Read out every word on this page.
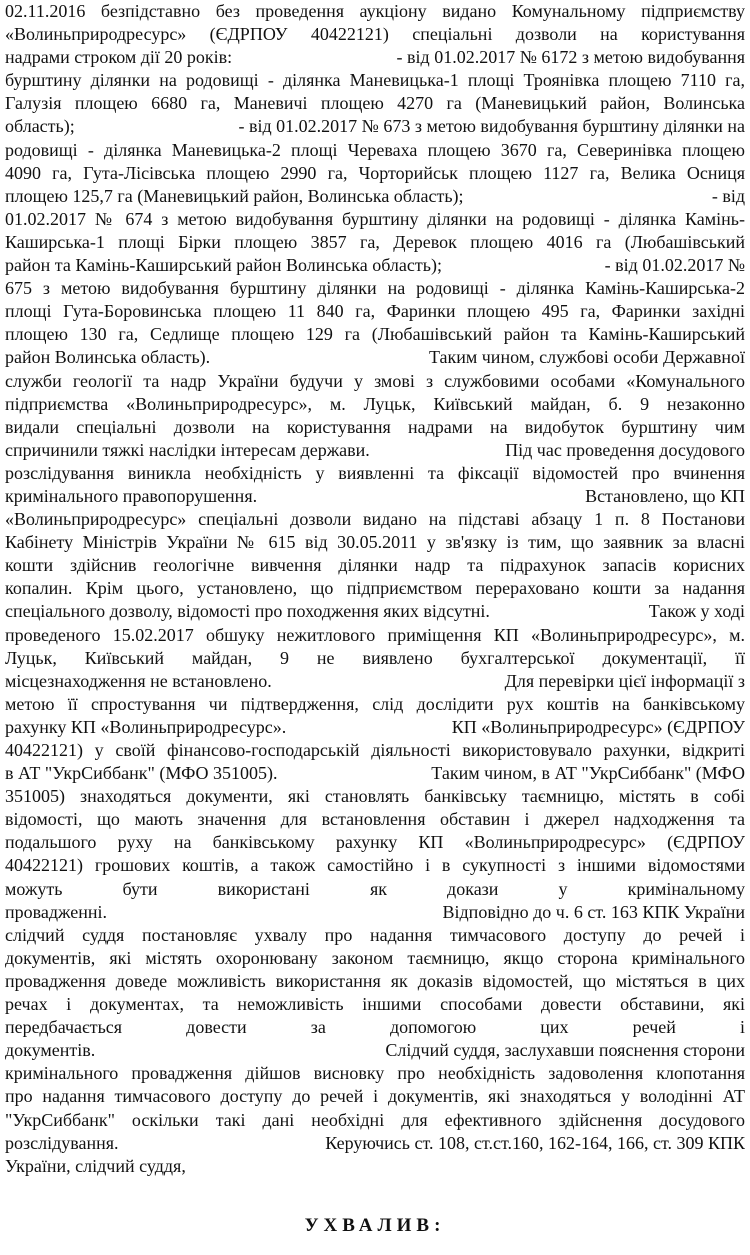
02.11.2016 безпідставно без проведення аукціону видано Комунальному підприємству
«Волиньприродресурс» (ЄДРПОУ 40422121) спеціальні дозволи на користування
надрами строком дії 20 років:	- від 01.02.2017 № 6172 з метою видобування
бурштину ділянки на родовищі - ділянка Маневицька-1 площі Троянівка площею 7110 га,
Галузія площею 6680 га, Маневичі площею 4270 га (Маневицький район, Волинська
область);	- від 01.02.2017 № 673 з метою видобування бурштину ділянки на
родовищі - ділянка Маневицька-2 площі Череваха площею 3670 га, Северинівка площею
4090 га, Гута-Лісівська площею 2990 га, Чорторийськ площею 1127 га, Велика Осниця
площею 125,7 га (Маневицький район, Волинська область);	- від
01.02.2017 № 674 з метою видобування бурштину ділянки на родовищі - ділянка Камінь-
Каширська-1 площі Бірки площею 3857 га, Деревок площею 4016 га (Любашівський
район та Камінь-Каширський район Волинська область);	- від 01.02.2017 №
675 з метою видобування бурштину ділянки на родовищі - ділянка Камінь-Каширська-2
площі Гута-Боровинська площею 11 840 га, Фаринки площею 495 га, Фаринки західні
площею 130 га, Седлище площею 129 га (Любашівський район та Камінь-Каширський
район Волинська область).	Таким чином, службові особи Державної
служби геології та надр України будучи у змові з службовими особами «Комунального
підприємства «Волиньприродресурс», м. Луцьк, Київський майдан, б. 9 незаконно
видали спеціальні дозволи на користування надрами на видобуток бурштину чим
спричинили тяжкі наслідки інтересам держави.	Під час проведення досудового
розслідування виникла необхідність у виявленні та фіксації відомостей про вчинення
кримінального правопорушення.	Встановлено, що КП
«Волиньприродресурс» спеціальні дозволи видано на підставі абзацу 1 п. 8 Постанови
Кабінету Міністрів України № 615 від 30.05.2011 у зв'язку із тим, що заявник за власні
кошти здійснив геологічне вивчення ділянки надр та підрахунок запасів корисних
копалин. Крім цього, установлено, що підприємством перераховано кошти за надання
спеціального дозволу, відомості про походження яких відсутні.	Також у ході
проведеного 15.02.2017 обшуку нежитлового приміщення КП «Волиньприродресурс», м.
Луцьк, Київський майдан, 9 не виявлено бухгалтерської документації, її
місцезнаходження не встановлено.	Для перевірки цієї інформації з
метою її спростування чи підтвердження, слід дослідити рух коштів на банківському
рахунку КП «Волиньприродресурс».	КП «Волиньприродресурс» (ЄДРПОУ
40422121) у своїй фінансово-господарській діяльності використовувало рахунки, відкриті
в АТ "УкрСиббанк" (МФО 351005).	Таким чином, в АТ "УкрСиббанк" (МФО
351005) знаходяться документи, які становлять банківську таємницю, містять в собі
відомості, що мають значення для встановлення обставин і джерел надходження та
подальшого руху на банківському рахунку КП «Волиньприродресурс» (ЄДРПОУ
40422121) грошових коштів, а також самостійно і в сукупності з іншими відомостями
можуть бути використані як докази у кримінальному
провадженні.	Відповідно до ч. 6 ст. 163 КПК України
слідчий суддя постановляє ухвалу про надання тимчасового доступу до речей і
документів, які містять охоронювану законом таємницю, якщо сторона кримінального
провадження доведе можливість використання як доказів відомостей, що містяться в цих
речах і документах, та неможливість іншими способами довести обставини, які
передбачається довести за допомогою цих речей і
документів.	Слідчий суддя, заслухавши пояснення сторони
кримінального провадження дійшов висновку про необхідність задоволення клопотання
про надання тимчасового доступу до речей і документів, які знаходяться у володінні АТ
"УкрСиббанк" оскільки такі дані необхідні для ефективного здійснення досудового
розслідування.	Керуючись ст. 108, ст.ст.160, 162-164, 166, ст. 309 КПК
України, слідчий суддя,
УХВАЛИВ:
